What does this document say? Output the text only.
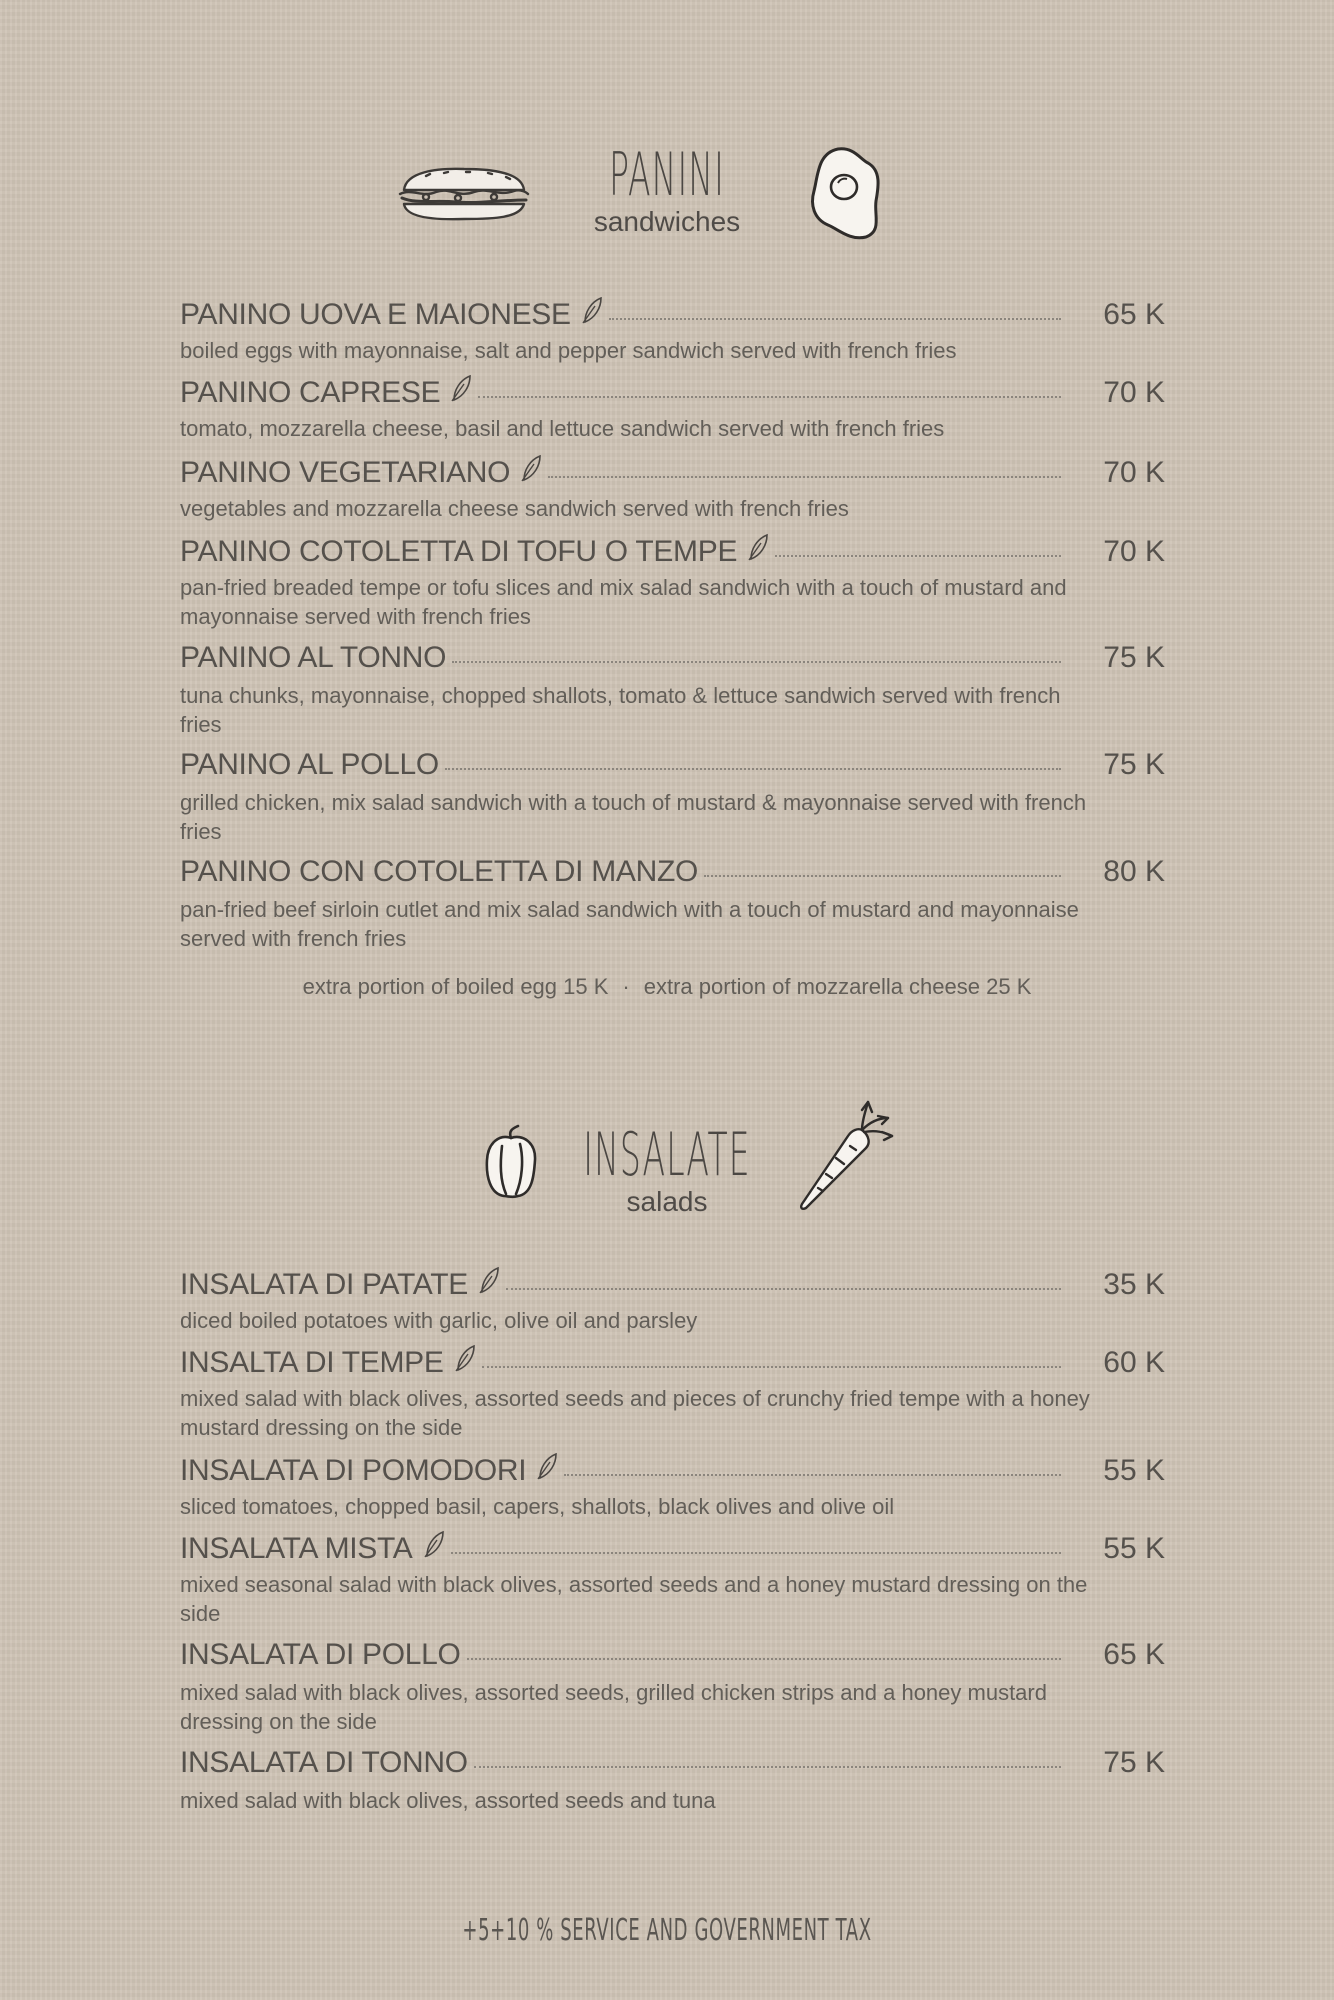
PANINI
sandwiches
PANINO UOVA E MAIONESE	65 K
boiled eggs with mayonnaise, salt and pepper sandwich served with french fries
PANINO CAPRESE	70 K
tomato, mozzarella cheese, basil and lettuce sandwich served with french fries
PANINO VEGETARIANO	70 K
vegetables and mozzarella cheese sandwich served with french fries
PANINO COTOLETTA DI TOFU O TEMPE	70 K
pan-fried breaded tempe or tofu slices and mix salad sandwich with a touch of mustard and mayonnaise served with french fries
PANINO AL TONNO	75 K
tuna chunks, mayonnaise, chopped shallots, tomato & lettuce sandwich served with french fries
PANINO AL POLLO	75 K
grilled chicken, mix salad sandwich with a touch of mustard & mayonnaise served with french fries
PANINO CON COTOLETTA DI MANZO	80 K
pan-fried beef sirloin cutlet and mix salad sandwich with a touch of mustard and mayonnaise served with french fries
extra portion of boiled egg 15 K · extra portion of mozzarella cheese 25 K
INSALATE
salads
INSALATA DI PATATE	35 K
diced boiled potatoes with garlic, olive oil and parsley
INSALTA DI TEMPE	60 K
mixed salad with black olives, assorted seeds and pieces of crunchy fried tempe with a honey mustard dressing on the side
INSALATA DI POMODORI	55 K
sliced tomatoes, chopped basil, capers, shallots, black olives and olive oil
INSALATA MISTA	55 K
mixed seasonal salad with black olives, assorted seeds and a honey mustard dressing on the side
INSALATA DI POLLO	65 K
mixed salad with black olives, assorted seeds, grilled chicken strips and a honey mustard dressing on the side
INSALATA DI TONNO	75 K
mixed salad with black olives, assorted seeds and tuna
+5+10 % SERVICE AND GOVERNMENT TAX
